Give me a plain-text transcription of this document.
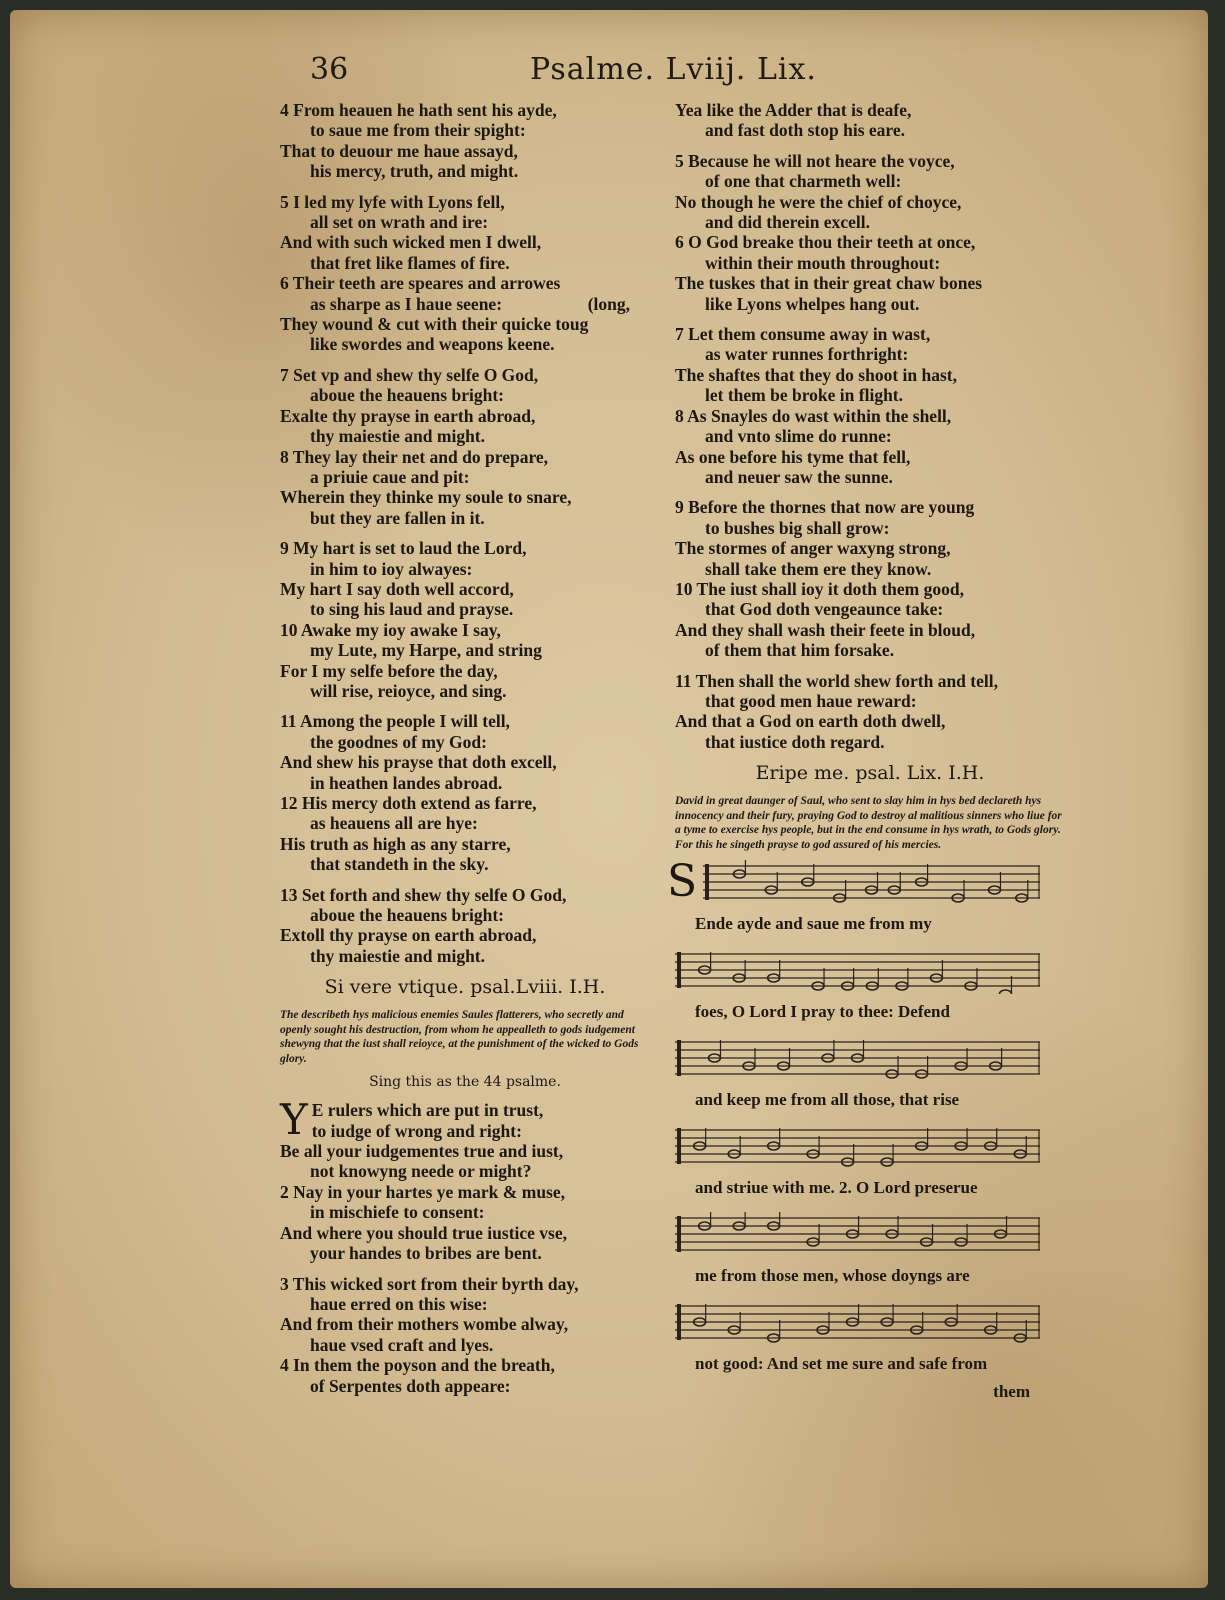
36	Psalme. Lviij. Lix.
4 From heauen he hath sent his ayde,
to saue me from their spight:
That to deuour me haue assayd,
his mercy, truth, and might.
5 I led my lyfe with Lyons fell,
all set on wrath and ire:
And with such wicked men I dwell,
that fret like flames of fire.
6 Their teeth are speares and arrowes
as sharpe as I haue seene:	(long,
They wound & cut with their quicke toug
like swordes and weapons keene.
7 Set vp and shew thy selfe O God,
aboue the heauens bright:
Exalte thy prayse in earth abroad,
thy maiestie and might.
8 They lay their net and do prepare,
a priuie caue and pit:
Wherein they thinke my soule to snare,
but they are fallen in it.
9 My hart is set to laud the Lord,
in him to ioy alwayes:
My hart I say doth well accord,
to sing his laud and prayse.
10 Awake my ioy awake I say,
my Lute, my Harpe, and string
For I my selfe before the day,
will rise, reioyce, and sing.
11 Among the people I will tell,
the goodnes of my God:
And shew his prayse that doth excell,
in heathen landes abroad.
12 His mercy doth extend as farre,
as heauens all are hye:
His truth as high as any starre,
that standeth in the sky.
13 Set forth and shew thy selfe O God,
aboue the heauens bright:
Extoll thy prayse on earth abroad,
thy maiestie and might.
Si vere vtique. psal.Lviii. I.H.
The describeth hys malicious enemies Saules flatterers, who secretly and openly sought his destruction, from whom he appealleth to gods iudgement shewyng that the iust shall reioyce, at the punishment of the wicked to Gods glory.
Sing this as the 44 psalme.
Y E rulers which are put in trust,
to iudge of wrong and right:
Be all your iudgementes true and iust,
not knowyng neede or might?
2 Nay in your hartes ye mark & muse,
in mischiefe to consent:
And where you should true iustice vse,
your handes to bribes are bent.
3 This wicked sort from their byrth day,
haue erred on this wise:
And from their mothers wombe alway,
haue vsed craft and lyes.
4 In them the poyson and the breath,
of Serpentes doth appeare:
Yea like the Adder that is deafe,
and fast doth stop his eare.
5 Because he will not heare the voyce,
of one that charmeth well:
No though he were the chief of choyce,
and did therein excell.
6 O God breake thou their teeth at once,
within their mouth throughout:
The tuskes that in their great chaw bones
like Lyons whelpes hang out.
7 Let them consume away in wast,
as water runnes forthright:
The shaftes that they do shoot in hast,
let them be broke in flight.
8 As Snayles do wast within the shell,
and vnto slime do runne:
As one before his tyme that fell,
and neuer saw the sunne.
9 Before the thornes that now are young
to bushes big shall grow:
The stormes of anger waxyng strong,
shall take them ere they know.
10 The iust shall ioy it doth them good,
that God doth vengeaunce take:
And they shall wash their feete in bloud,
of them that him forsake.
11 Then shall the world shew forth and tell,
that good men haue reward:
And that a God on earth doth dwell,
that iustice doth regard.
Eripe me. psal. Lix. I.H.
David in great daunger of Saul, who sent to slay him in hys bed declareth hys innocency and their fury, praying God to destroy al malitious sinners who liue for a tyme to exercise hys people, but in the end consume in hys wrath, to Gods glory. For this he singeth prayse to god assured of his mercies.
S
Ende ayde and saue me from my
foes, O Lord I pray to thee: Defend
and keep me from all those, that rise
and striue with me. 2. O Lord preserue
me from those men, whose doyngs are
not good: And set me sure and safe from
them
